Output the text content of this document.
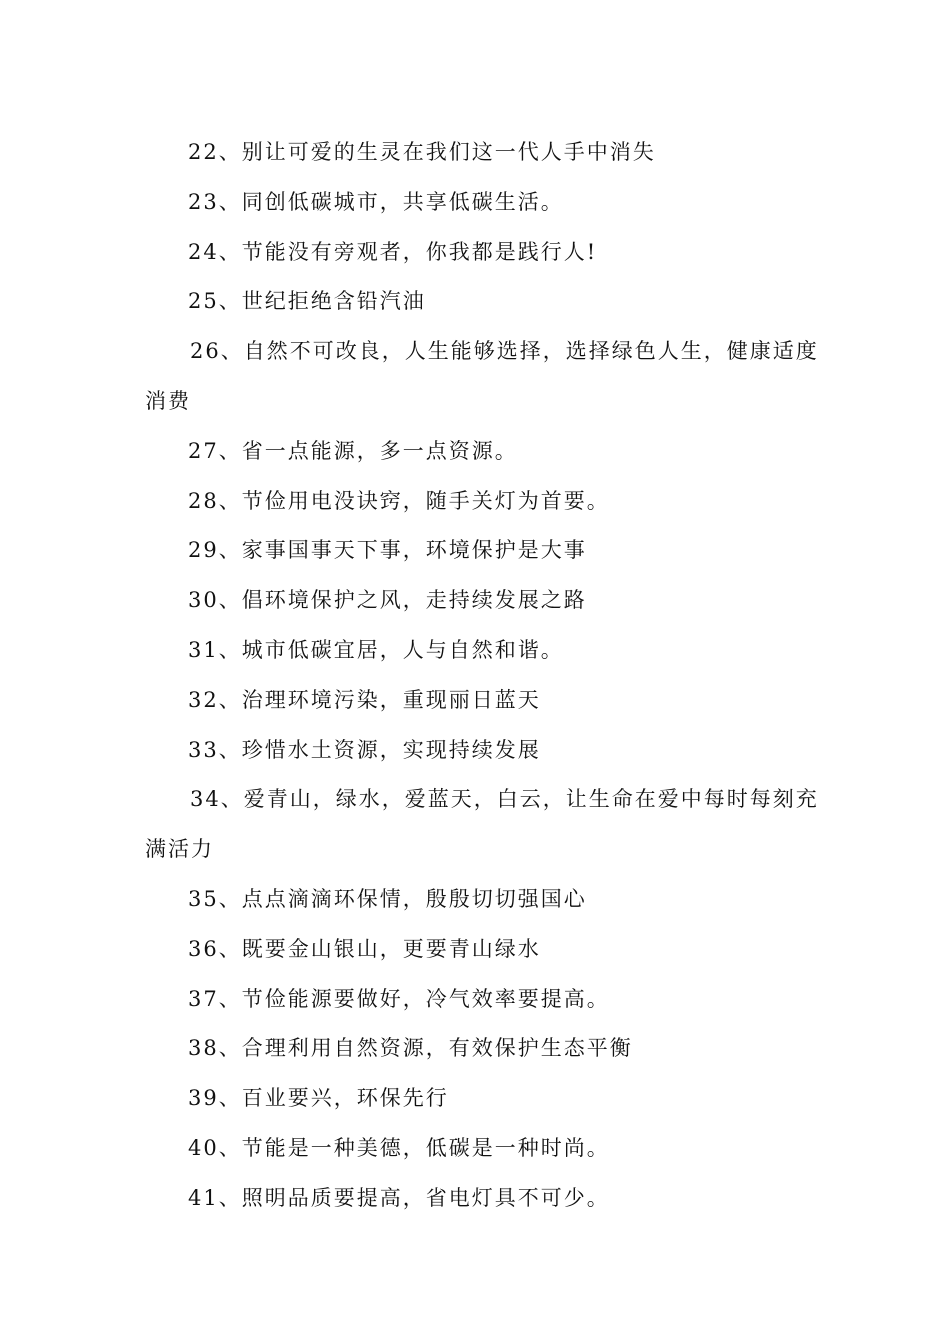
22、别让可爱的生灵在我们这一代人手中消失
23、同创低碳城市，共享低碳生活。
24、节能没有旁观者，你我都是践行人!
25、世纪拒绝含铅汽油
26、自然不可改良，人生能够选择，选择绿色人生，健康适度
消费
27、省一点能源，多一点资源。
28、节俭用电没诀窍，随手关灯为首要。
29、家事国事天下事，环境保护是大事
30、倡环境保护之风，走持续发展之路
31、城市低碳宜居，人与自然和谐。
32、治理环境污染，重现丽日蓝天
33、珍惜水土资源，实现持续发展
34、爱青山，绿水，爱蓝天，白云，让生命在爱中每时每刻充
满活力
35、点点滴滴环保情，殷殷切切强国心
36、既要金山银山，更要青山绿水
37、节俭能源要做好，冷气效率要提高。
38、合理利用自然资源，有效保护生态平衡
39、百业要兴，环保先行
40、节能是一种美德，低碳是一种时尚。
41、照明品质要提高，省电灯具不可少。
